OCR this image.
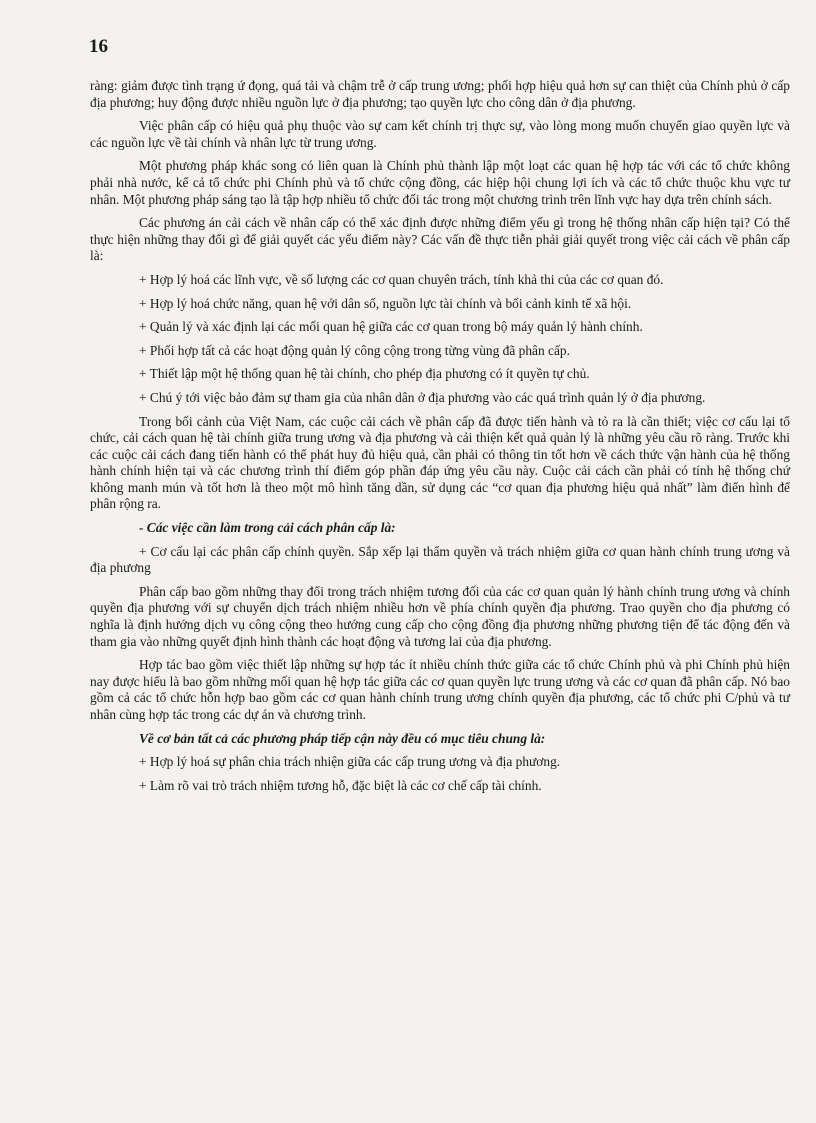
16

ràng: giảm được tình trạng ứ đọng, quá tải và chậm trễ ở cấp trung ương; phối hợp hiệu quả hơn sự can thiệt của Chính phủ ở cấp địa phương; huy động được nhiều nguồn lực ở địa phương; tạo quyền lực cho công dân ở địa phương.

Việc phân cấp có hiệu quả phụ thuộc vào sự cam kết chính trị thực sự, vào lòng mong muốn chuyển giao quyền lực và các nguồn lực về tài chính và nhân lực từ trung ương.

Một phương pháp khác song có liên quan là Chính phủ thành lập một loạt các quan hệ hợp tác với các tổ chức không phải nhà nước, kể cả tổ chức phi Chính phủ và tổ chức cộng đồng, các hiệp hội chung lợi ích và các tổ chức thuộc khu vực tư nhân. Một phương pháp sáng tạo là tập hợp nhiều tổ chức đối tác trong một chương trình trên lĩnh vực hay dựa trên chính sách.

Các phương án cải cách về nhân cấp có thể xác định được những điểm yếu gì trong hệ thống nhân cấp hiện tại? Có thể thực hiện những thay đổi gì để giải quyết các yếu điểm này? Các vấn đề thực tiễn phải giải quyết trong việc cải cách về phân cấp là:

+ Hợp lý hoá các lĩnh vực, về số lượng các cơ quan chuyên trách, tính khả thi của các cơ quan đó.

+ Hợp lý hoá chức năng, quan hệ với dân số, nguồn lực tài chính và bối cảnh kinh tế xã hội.

+ Quản lý và xác định lại các mối quan hệ giữa các cơ quan trong bộ máy quản lý hành chính.

+ Phối hợp tất cả các hoạt động quản lý công cộng trong từng vùng đã phân cấp.

+ Thiết lập một hệ thống quan hệ tài chính, cho phép địa phương có ít quyền tự chủ.

+ Chú ý tới việc bảo đảm sự tham gia của nhân dân ở địa phương vào các quá trình quản lý ở địa phương.

Trong bối cảnh của Việt Nam, các cuộc cải cách về phân cấp đã được tiến hành và tỏ ra là cần thiết; việc cơ cấu lại tổ chức, cải cách quan hệ tài chính giữa trung ương và địa phương và cải thiện kết quả quản lý là những yêu cầu rõ ràng. Trước khi các cuộc cải cách đang tiến hành có thể phát huy đủ hiệu quả, cần phải có thông tin tốt hơn về cách thức vận hành của hệ thống hành chính hiện tại và các chương trình thí điểm góp phần đáp ứng yêu cầu này. Cuộc cải cách cần phải có tính hệ thống chứ không manh mún và tốt hơn là theo một mô hình tăng dần, sử dụng các “cơ quan địa phương hiệu quả nhất” làm điển hình để phân rộng ra.

- Các việc cần làm trong cải cách phân cấp là:

+ Cơ cấu lại các phân cấp chính quyền. Sắp xếp lại thẩm quyền và trách nhiệm giữa cơ quan hành chính trung ương và địa phương

Phân cấp bao gồm những thay đổi trong trách nhiệm tương đối của các cơ quan quản lý hành chính trung ương và chính quyền địa phương với sự chuyển dịch trách nhiệm nhiều hơn về phía chính quyền địa phương. Trao quyền cho địa phương có nghĩa là định hướng dịch vụ công cộng theo hướng cung cấp cho cộng đồng địa phương những phương tiện để tác động đến và tham gia vào những quyết định hình thành các hoạt động và tương lai của địa phương.

Hợp tác bao gồm việc thiết lập những sự hợp tác ít nhiều chính thức giữa các tổ chức Chính phủ và phi Chính phủ hiện nay được hiểu là bao gồm những mối quan hệ hợp tác giữa các cơ quan quyền lực trung ương và các cơ quan đã phân cấp. Nó bao gồm cả các tổ chức hỗn hợp bao gồm các cơ quan hành chính trung ương chính quyền địa phương, các tổ chức phi C/phủ và tư nhân cùng hợp tác trong các dự án và chương trình.

Về cơ bản tất cả các phương pháp tiếp cận này đều có mục tiêu chung là:

+ Hợp lý hoá sự phân chia trách nhiện giữa các cấp trung ương và địa phương.

+ Làm rõ vai trò trách nhiệm tương hỗ, đặc biệt là các cơ chế cấp tài chính.
